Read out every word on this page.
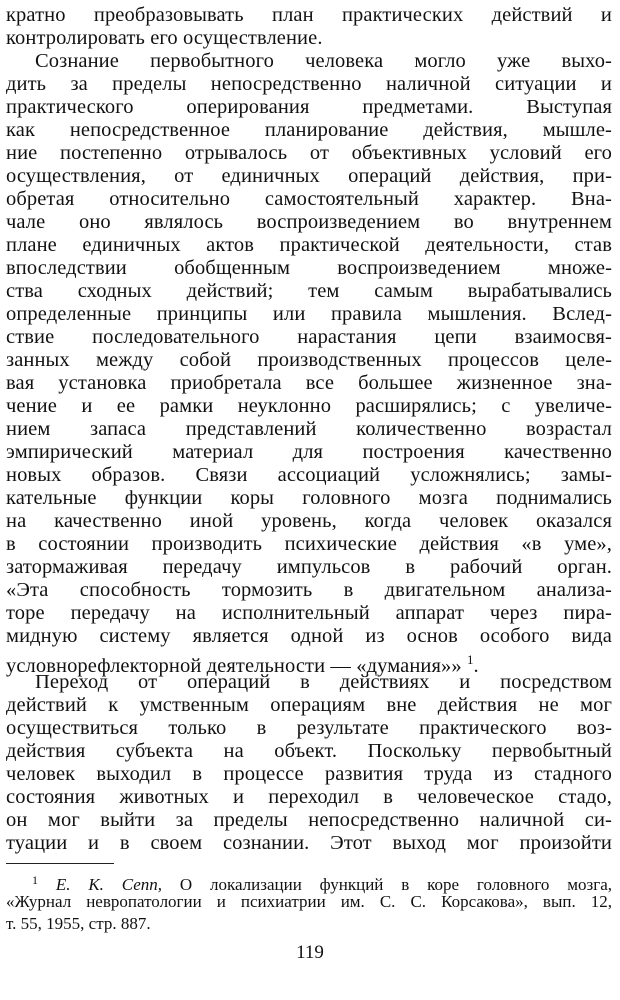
кратно преобразовывать план практических действий и
контролировать его осуществление.
Сознание первобытного человека могло уже выхо-
дить за пределы непосредственно наличной ситуации и
практического оперирования предметами. Выступая
как непосредственное планирование действия, мышле-
ние постепенно отрывалось от объективных условий его
осуществления, от единичных операций действия, при-
обретая относительно самостоятельный характер. Вна-
чале оно являлось воспроизведением во внутреннем
плане единичных актов практической деятельности, став
впоследствии обобщенным воспроизведением множе-
ства сходных действий; тем самым вырабатывались
определенные принципы или правила мышления. Вслед-
ствие последовательного нарастания цепи взаимосвя-
занных между собой производственных процессов целе-
вая установка приобретала все большее жизненное зна-
чение и ее рамки неуклонно расширялись; с увеличе-
нием запаса представлений количественно возрастал
эмпирический материал для построения качественно
новых образов. Связи ассоциаций усложнялись; замы-
кательные функции коры головного мозга поднимались
на качественно иной уровень, когда человек оказался
в состоянии производить психические действия «в уме»,
затормаживая передачу импульсов в рабочий орган.
«Эта способность тормозить в двигательном анализа-
торе передачу на исполнительный аппарат через пира-
мидную систему является одной из основ особого вида
условнорефлекторной деятельности — «думания»» $^1$.
Переход от операций в действиях и посредством
действий к умственным операциям вне действия не мог
осуществиться только в результате практического воз-
действия субъекта на объект. Поскольку первобытный
человек выходил в процессе развития труда из стадного
состояния животных и переходил в человеческое стадо,
он мог выйти за пределы непосредственно наличной си-
туации и в своем сознании. Этот выход мог произойти
119
$^1$ Е. К. Сепп, О локализации функций в коре головного мозга,
«Журнал невропатологии и психиатрии им. С. С. Корсакова», вып. 12,
т. 55, 1955, стр. 887.
